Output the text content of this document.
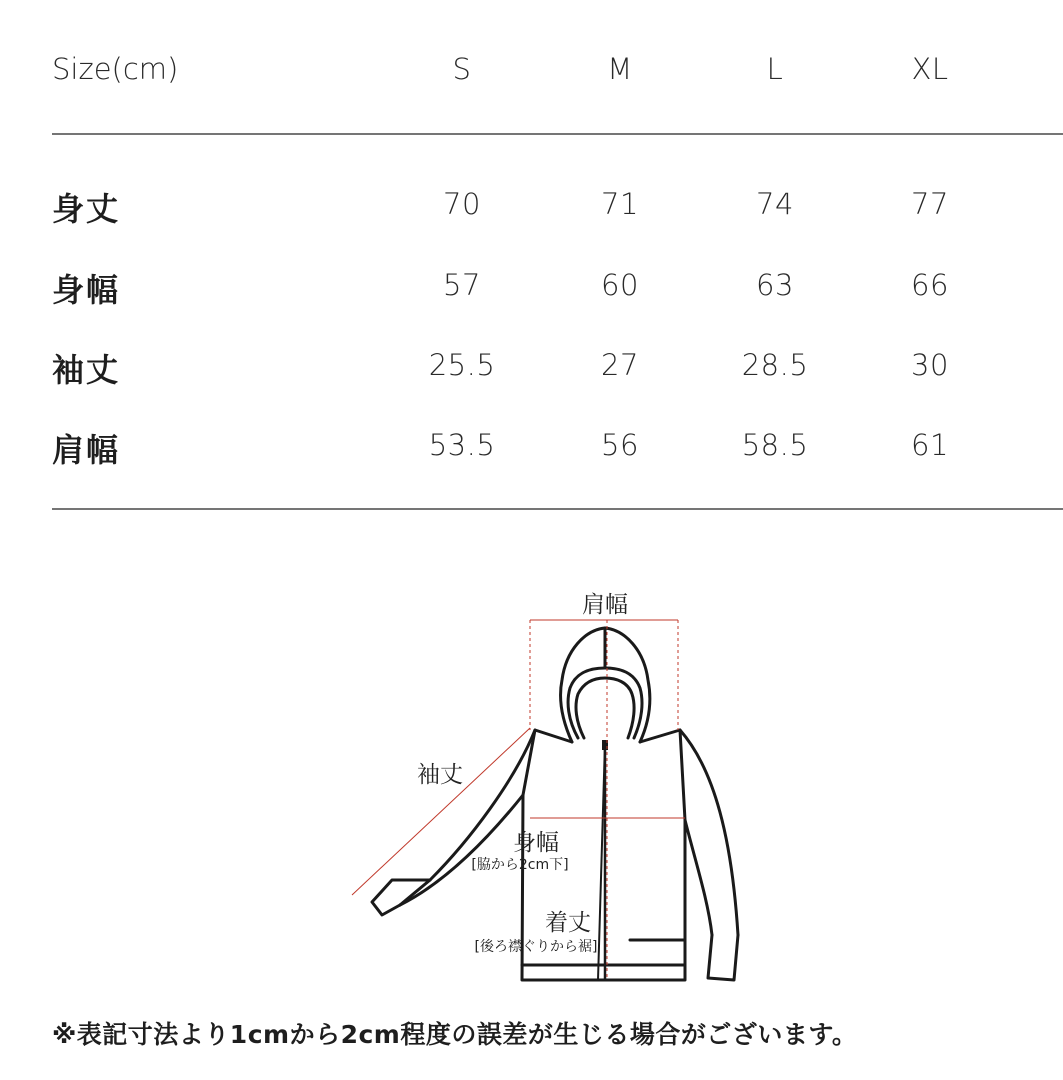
Size(cm)	S	M	L	XL
身丈	70	71	74	77
身幅	57	60	63	66
袖丈	25.5	27	28.5	30
肩幅	53.5	56	58.5	61
肩幅
袖丈
身幅
[脇から2cm下]
着丈
[後ろ襟ぐりから裾]
※表記寸法より1cmから2cm程度の誤差が生じる場合がございます。
